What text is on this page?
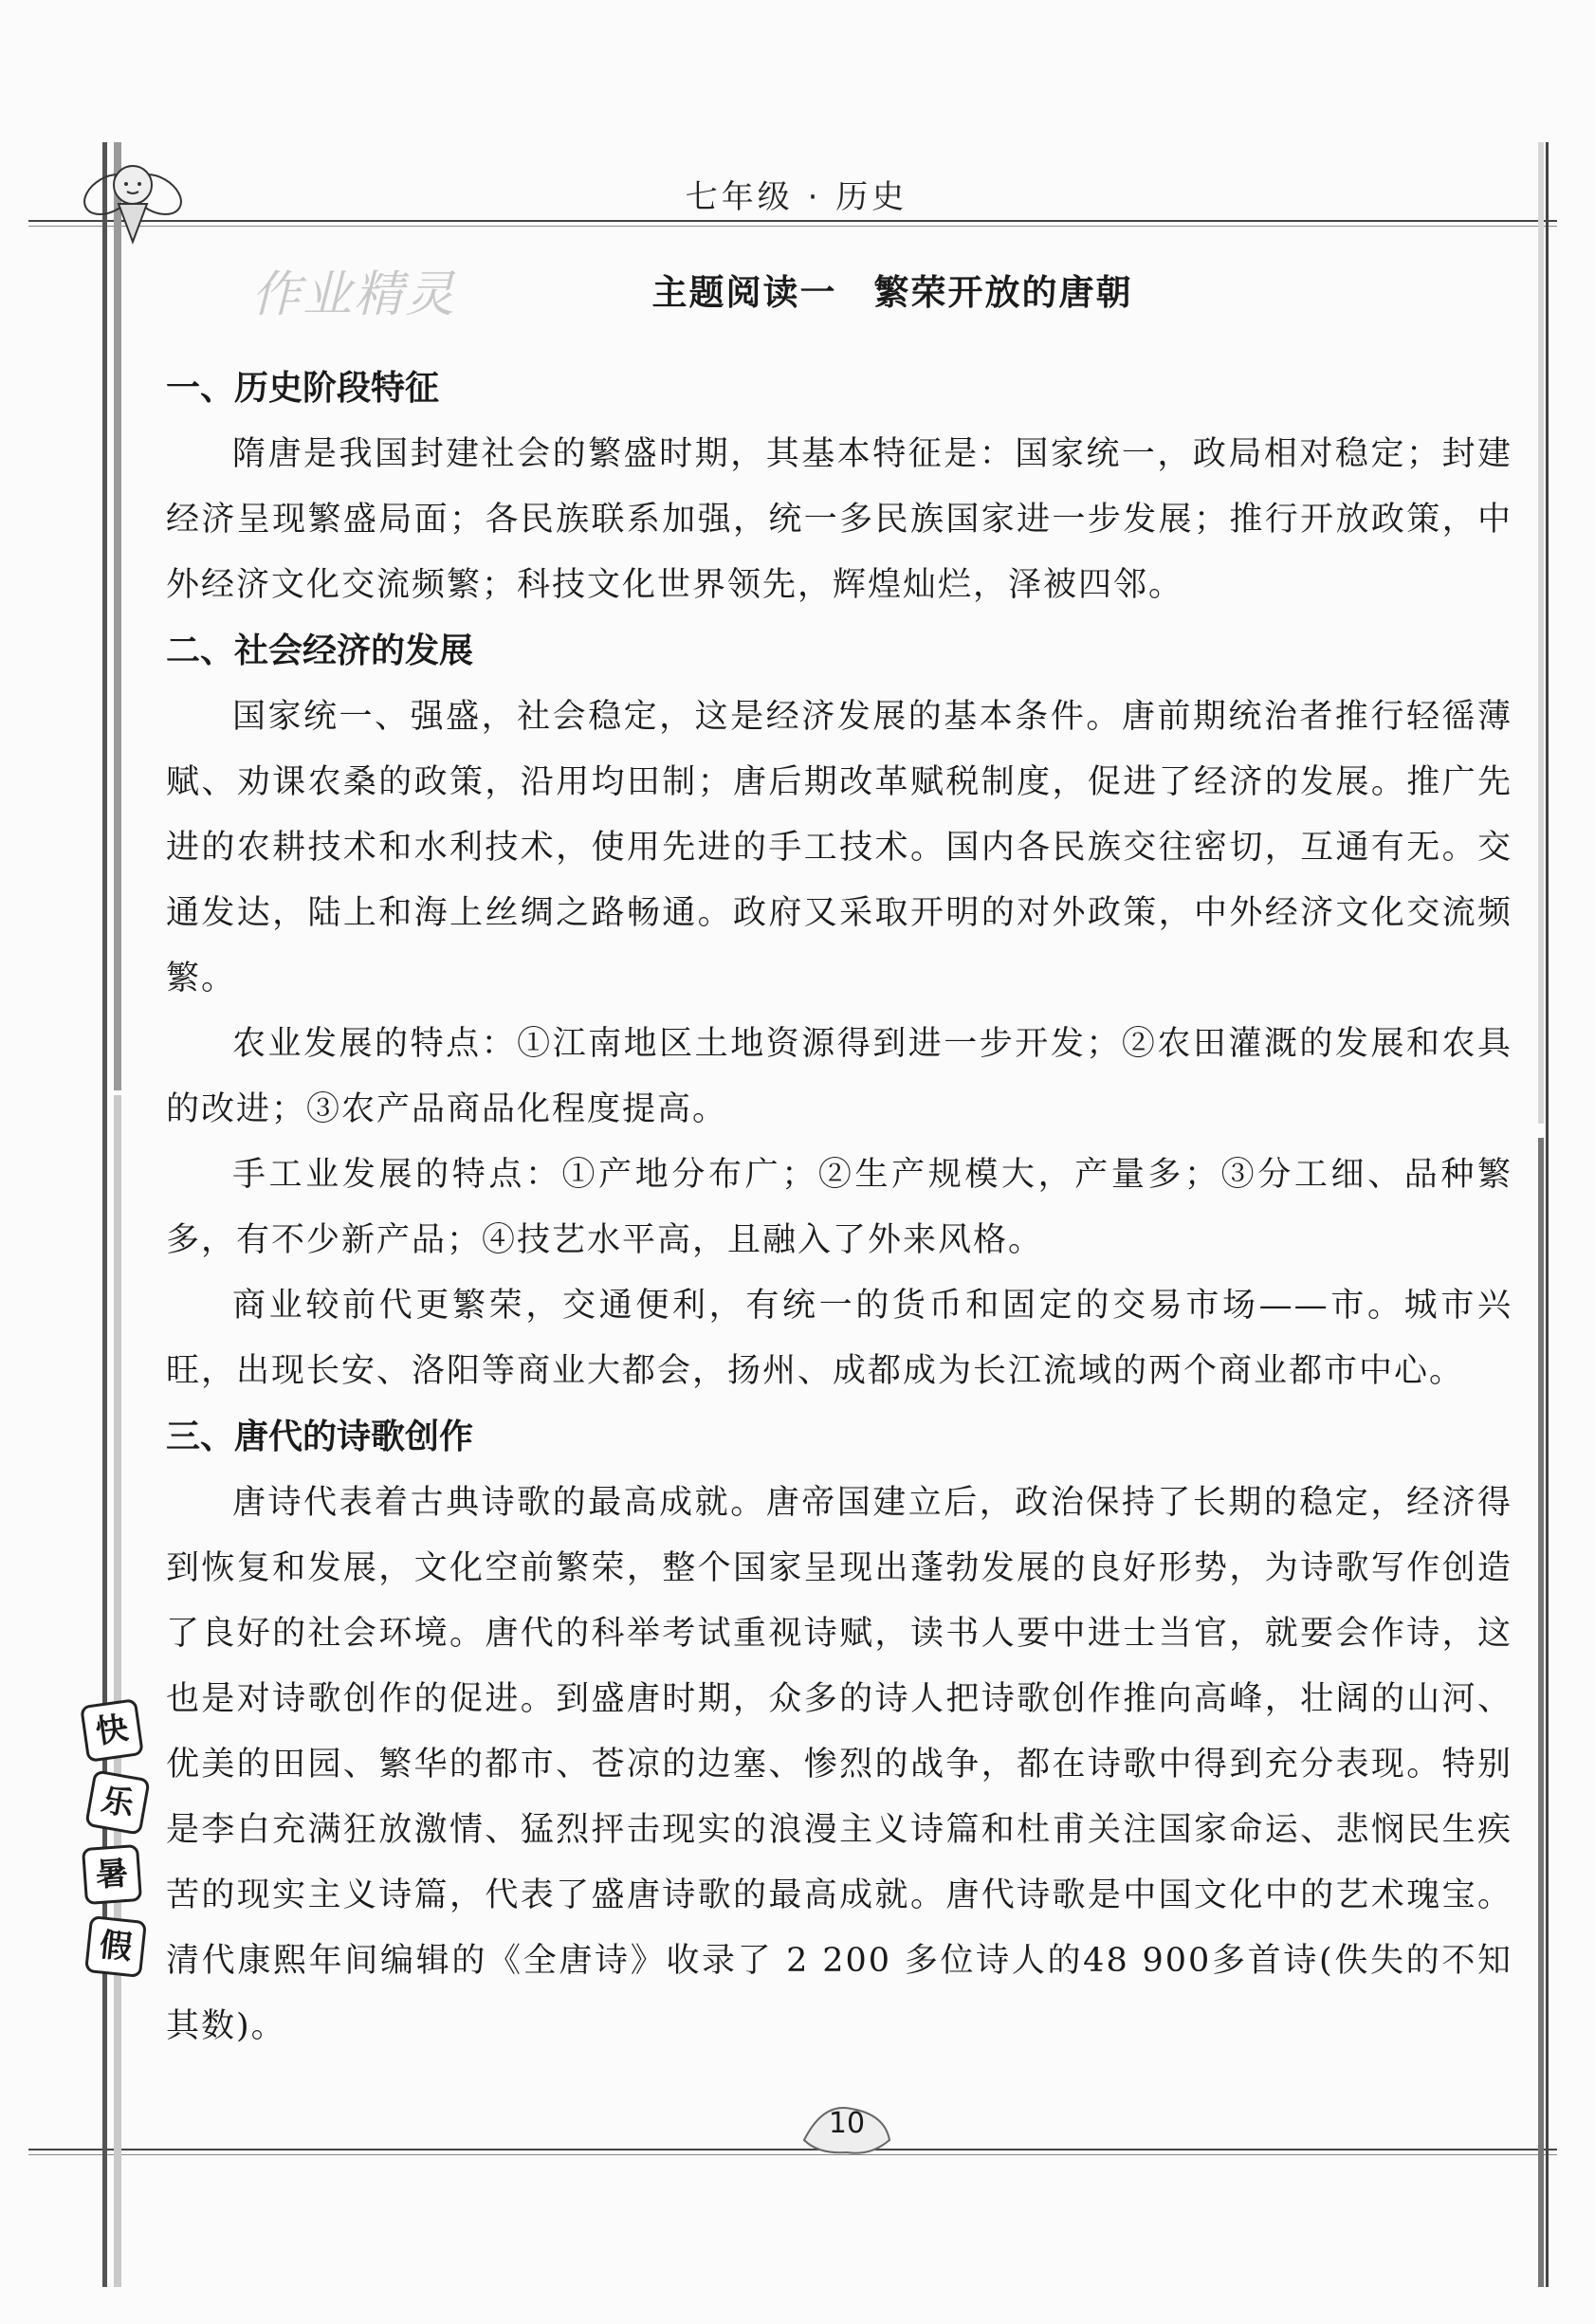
七年级 · 历史
作业精灵	主题阅读一　繁荣开放的唐朝
一、历史阶段特征

隋唐是我国封建社会的繁盛时期，其基本特征是：国家统一，政局相对稳定；封建经济呈现繁盛局面；各民族联系加强，统一多民族国家进一步发展；推行开放政策，中外经济文化交流频繁；科技文化世界领先，辉煌灿烂，泽被四邻。

二、社会经济的发展

国家统一、强盛，社会稳定，这是经济发展的基本条件。唐前期统治者推行轻徭薄赋、劝课农桑的政策，沿用均田制；唐后期改革赋税制度，促进了经济的发展。推广先进的农耕技术和水利技术，使用先进的手工技术。国内各民族交往密切，互通有无。交通发达，陆上和海上丝绸之路畅通。政府又采取开明的对外政策，中外经济文化交流频繁。

农业发展的特点：①江南地区土地资源得到进一步开发；②农田灌溉的发展和农具的改进；③农产品商品化程度提高。

手工业发展的特点：①产地分布广；②生产规模大，产量多；③分工细、品种繁多，有不少新产品；④技艺水平高，且融入了外来风格。

商业较前代更繁荣，交通便利，有统一的货币和固定的交易市场——市。城市兴旺，出现长安、洛阳等商业大都会，扬州、成都成为长江流域的两个商业都市中心。

三、唐代的诗歌创作

唐诗代表着古典诗歌的最高成就。唐帝国建立后，政治保持了长期的稳定，经济得到恢复和发展，文化空前繁荣，整个国家呈现出蓬勃发展的良好形势，为诗歌写作创造了良好的社会环境。唐代的科举考试重视诗赋，读书人要中进士当官，就要会作诗，这也是对诗歌创作的促进。到盛唐时期，众多的诗人把诗歌创作推向高峰，壮阔的山河、优美的田园、繁华的都市、苍凉的边塞、惨烈的战争，都在诗歌中得到充分表现。特别是李白充满狂放激情、猛烈抨击现实的浪漫主义诗篇和杜甫关注国家命运、悲悯民生疾苦的现实主义诗篇，代表了盛唐诗歌的最高成就。唐代诗歌是中国文化中的艺术瑰宝。清代康熙年间编辑的《全唐诗》收录了 2 200 多位诗人的48 900多首诗(佚失的不知其数)。

快
乐
暑
假
10
